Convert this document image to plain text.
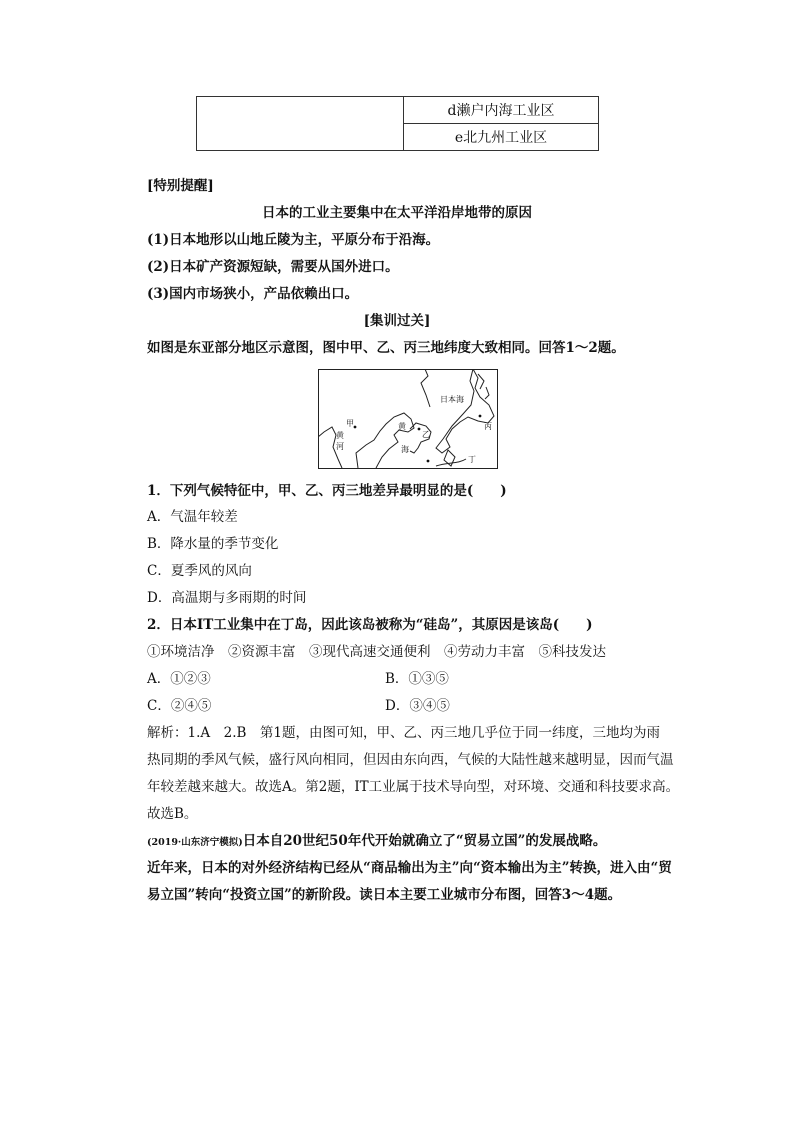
	d濑户内海工业区
e北九州工业区
[特别提醒]
日本的工业主要集中在太平洋沿岸地带的原因
(1)日本地形以山地丘陵为主，平原分布于沿海。
(2)日本矿产资源短缺，需要从国外进口。
(3)国内市场狭小，产品依赖出口。
[集训过关]
如图是东亚部分地区示意图，图中甲、乙、丙三地纬度大致相同。回答1～2题。
日本海
甲
黄
河
黄
海
乙
丙
丁
1．下列气候特征中，甲、乙、丙三地差异最明显的是(　　)
A．气温年较差
B．降水量的季节变化
C．夏季风的风向
D．高温期与多雨期的时间
2．日本IT工业集中在丁岛，因此该岛被称为“硅岛”，其原因是该岛(　　)
①环境洁净　②资源丰富　③现代高速交通便利　④劳动力丰富　⑤科技发达
A．①②③	B．①③⑤
C．②④⑤	D．③④⑤
解析：1.A　2.B　第1题，由图可知，甲、乙、丙三地几乎位于同一纬度，三地均为雨
热同期的季风气候，盛行风向相同，但因由东向西，气候的大陆性越来越明显，因而气温
年较差越来越大。故选A。第2题，IT工业属于技术导向型，对环境、交通和科技要求高。
故选B。
(2019·山东济宁模拟)日本自20世纪50年代开始就确立了“贸易立国”的发展战略。
近年来，日本的对外经济结构已经从“商品输出为主”向“资本输出为主”转换，进入由“贸
易立国”转向“投资立国”的新阶段。读日本主要工业城市分布图，回答3～4题。
